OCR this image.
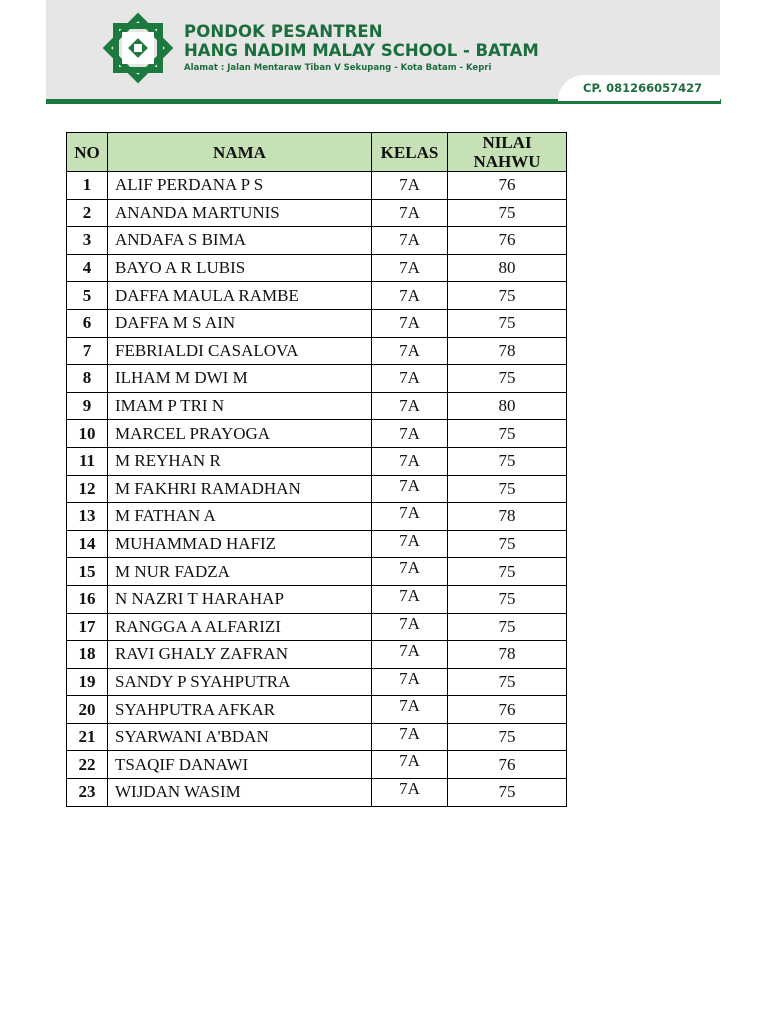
PONDOK PESANTREN
HANG NADIM MALAY SCHOOL - BATAM
Alamat : Jalan Mentaraw Tiban V Sekupang - Kota Batam - Kepri
CP. 081266057427
NO	NAMA	KELAS	NILAI NAHWU
1	ALIF PERDANA P S	7A	76
2	ANANDA MARTUNIS	7A	75
3	ANDAFA S BIMA	7A	76
4	BAYO A R LUBIS	7A	80
5	DAFFA MAULA RAMBE	7A	75
6	DAFFA M S AIN	7A	75
7	FEBRIALDI CASALOVA	7A	78
8	ILHAM M DWI M	7A	75
9	IMAM P TRI N	7A	80
10	MARCEL PRAYOGA	7A	75
11	M REYHAN R	7A	75
12	M FAKHRI RAMADHAN	7A	75
13	M FATHAN A	7A	78
14	MUHAMMAD HAFIZ	7A	75
15	M NUR FADZA	7A	75
16	N NAZRI T HARAHAP	7A	75
17	RANGGA A ALFARIZI	7A	75
18	RAVI GHALY ZAFRAN	7A	78
19	SANDY P SYAHPUTRA	7A	75
20	SYAHPUTRA AFKAR	7A	76
21	SYARWANI A'BDAN	7A	75
22	TSAQIF DANAWI	7A	76
23	WIJDAN WASIM	7A	75
